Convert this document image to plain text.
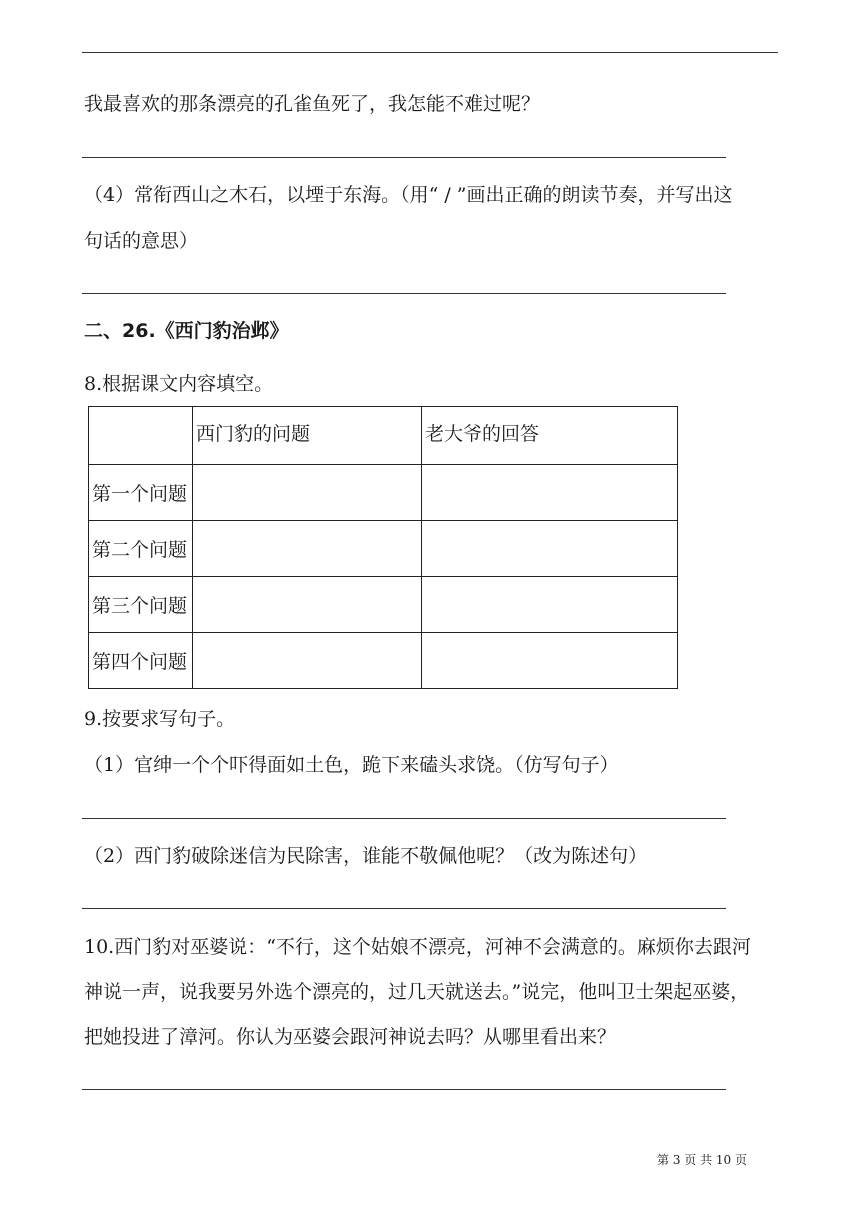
我最喜欢的那条漂亮的孔雀鱼死了，我怎能不难过呢？
（4）常衔西山之木石，以堙于东海。（用“ / ”画出正确的朗读节奏，并写出这
句话的意思）
二、26.《西门豹治邺》
8.根据课文内容填空。
	西门豹的问题	老大爷的回答
第一个问题		
第二个问题		
第三个问题		
第四个问题		
9.按要求写句子。
（1）官绅一个个吓得面如土色，跪下来磕头求饶。（仿写句子）
（2）西门豹破除迷信为民除害，谁能不敬佩他呢？（改为陈述句）
10.西门豹对巫婆说：“不行，这个姑娘不漂亮，河神不会满意的。麻烦你去跟河
神说一声，说我要另外选个漂亮的，过几天就送去。”说完，他叫卫士架起巫婆，
把她投进了漳河。你认为巫婆会跟河神说去吗？从哪里看出来？
第 3 页 共 10 页
